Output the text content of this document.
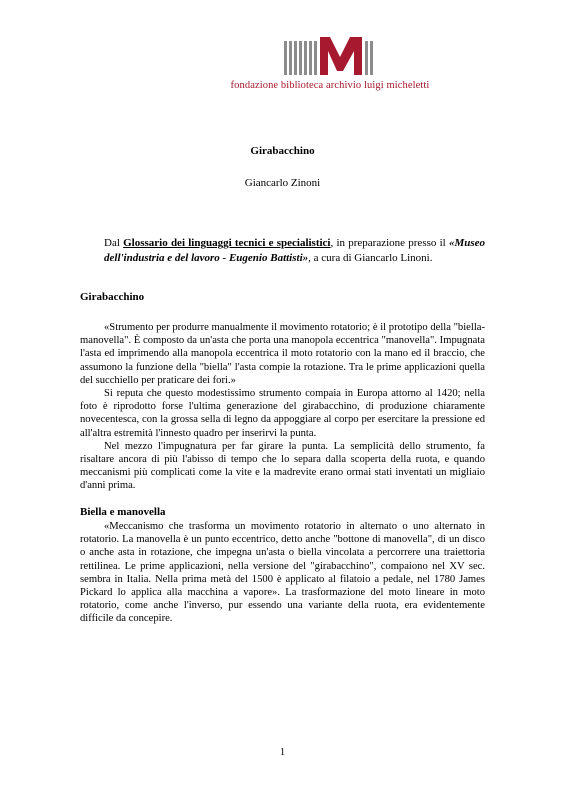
fondazione biblioteca archivio luigi micheletti
Girabacchino
Giancarlo Zinoni
Dal Glossario dei linguaggi tecnici e specialistici, in preparazione presso il «Museo dell'industria e del lavoro - Eugenio Battisti», a cura di Giancarlo Linoni.
Girabacchino

«Strumento per produrre manualmente il movimento rotatorio; è il prototipo della "biella-manovella". È composto da un'asta che porta una manopola eccentrica "manovella". Impugnata l'asta ed imprimendo alla manopola eccentrica il moto rotatorio con la mano ed il braccio, che assumono la funzione della "biella" l'asta compie la rotazione. Tra le prime applicazioni quella del succhiello per praticare dei fori.»

Si reputa che questo modestissimo strumento compaia in Europa attorno al 1420; nella foto è riprodotto forse l'ultima generazione del girabacchino, di produzione chiaramente novecentesca, con la grossa sella di legno da appoggiare al corpo per esercitare la pressione ed all'altra estremità l'innesto quadro per inserirvi la punta.

Nel mezzo l'impugnatura per far girare la punta. La semplicità dello strumento, fa risaltare ancora di più l'abisso di tempo che lo separa dalla scoperta della ruota, e quando meccanismi più complicati come la vite e la madrevite erano ormai stati inventati un migliaio d'anni prima.

Biella e manovella

«Meccanismo che trasforma un movimento rotatorio in alternato o uno alternato in rotatorio. La manovella è un punto eccentrico, detto anche "bottone di manovella", di un disco o anche asta in rotazione, che impegna un'asta o biella vincolata a percorrere una traiettoria rettilinea. Le prime applicazioni, nella versione del "girabacchino", compaiono nel XV sec. sembra in Italia. Nella prima metà del 1500 è applicato al filatoio a pedale, nel 1780 James Pickard lo applica alla macchina a vapore». La trasformazione del moto lineare in moto rotatorio, come anche l'inverso, pur essendo una variante della ruota, era evidentemente difficile da concepire.

1
